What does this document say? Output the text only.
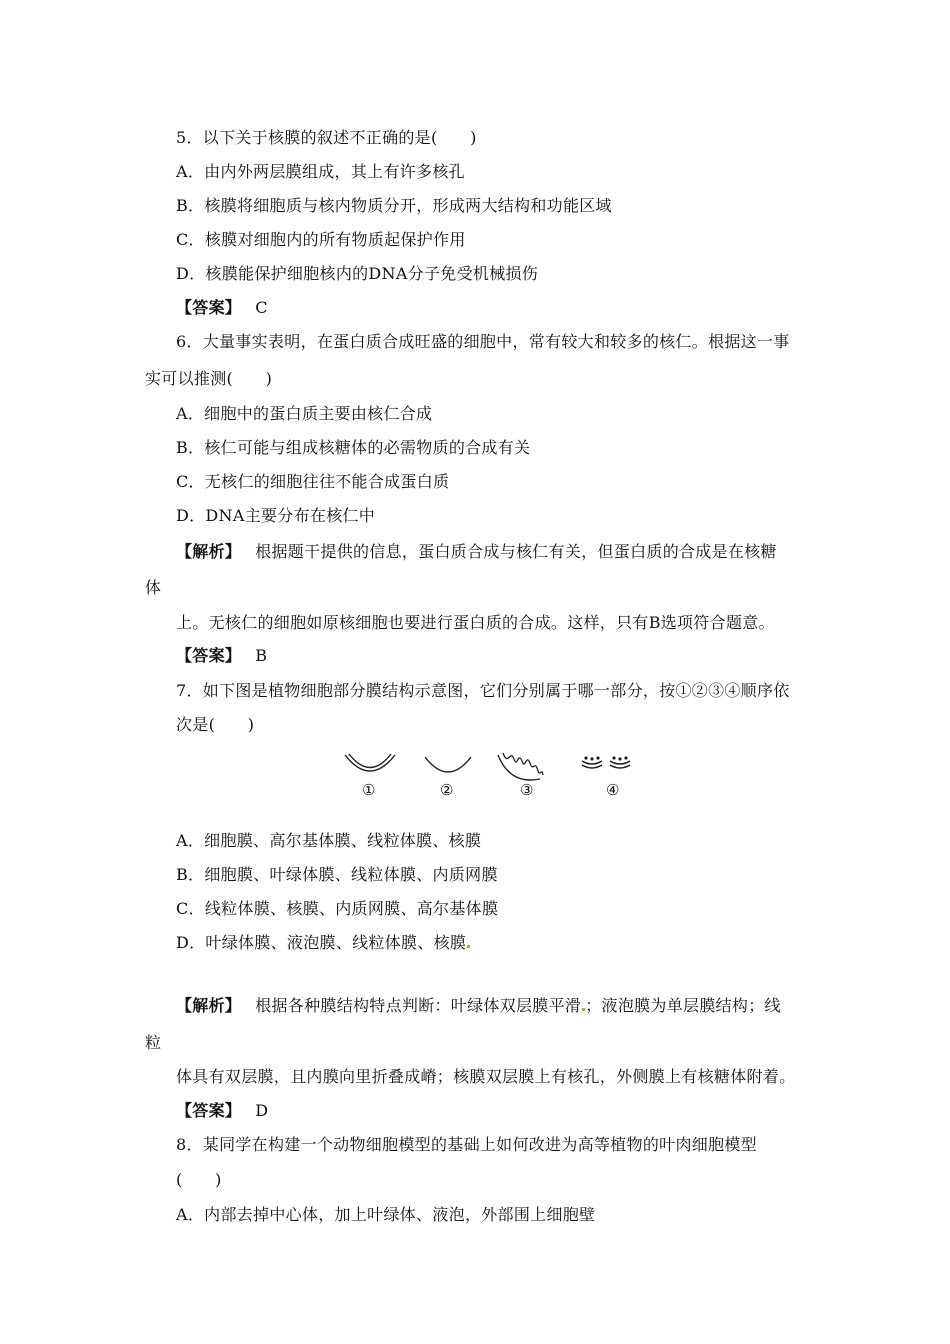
5．以下关于核膜的叙述不正确的是(　　)
A．由内外两层膜组成，其上有许多核孔
B．核膜将细胞质与核内物质分开，形成两大结构和功能区域
C．核膜对细胞内的所有物质起保护作用
D．核膜能保护细胞核内的DNA分子免受机械损伤
【答案】 C
6．大量事实表明，在蛋白质合成旺盛的细胞中，常有较大和较多的核仁。根据这一事
实可以推测(　　)
A．细胞中的蛋白质主要由核仁合成
B．核仁可能与组成核糖体的必需物质的合成有关
C．无核仁的细胞往往不能合成蛋白质
D．DNA主要分布在核仁中
【解析】 根据题干提供的信息，蛋白质合成与核仁有关，但蛋白质的合成是在核糖
体
上。无核仁的细胞如原核细胞也要进行蛋白质的合成。这样，只有B选项符合题意。
【答案】 B
7．如下图是植物细胞部分膜结构示意图，它们分别属于哪一部分，按①②③④顺序依
次是(　　)
①	②	③	④
A．细胞膜、高尔基体膜、线粒体膜、核膜
B．细胞膜、叶绿体膜、线粒体膜、内质网膜
C．线粒体膜、核膜、内质网膜、高尔基体膜
D．叶绿体膜、液泡膜、线粒体膜、核膜
【解析】 根据各种膜结构特点判断：叶绿体双层膜平滑 ；液泡膜为单层膜结构；线
粒
体具有双层膜，且内膜向里折叠成嵴；核膜双层膜上有核孔，外侧膜上有核糖体附着。
【答案】 D
8．某同学在构建一个动物细胞模型的基础上如何改进为高等植物的叶肉细胞模型
(　　)
A．内部去掉中心体，加上叶绿体、液泡，外部围上细胞壁
